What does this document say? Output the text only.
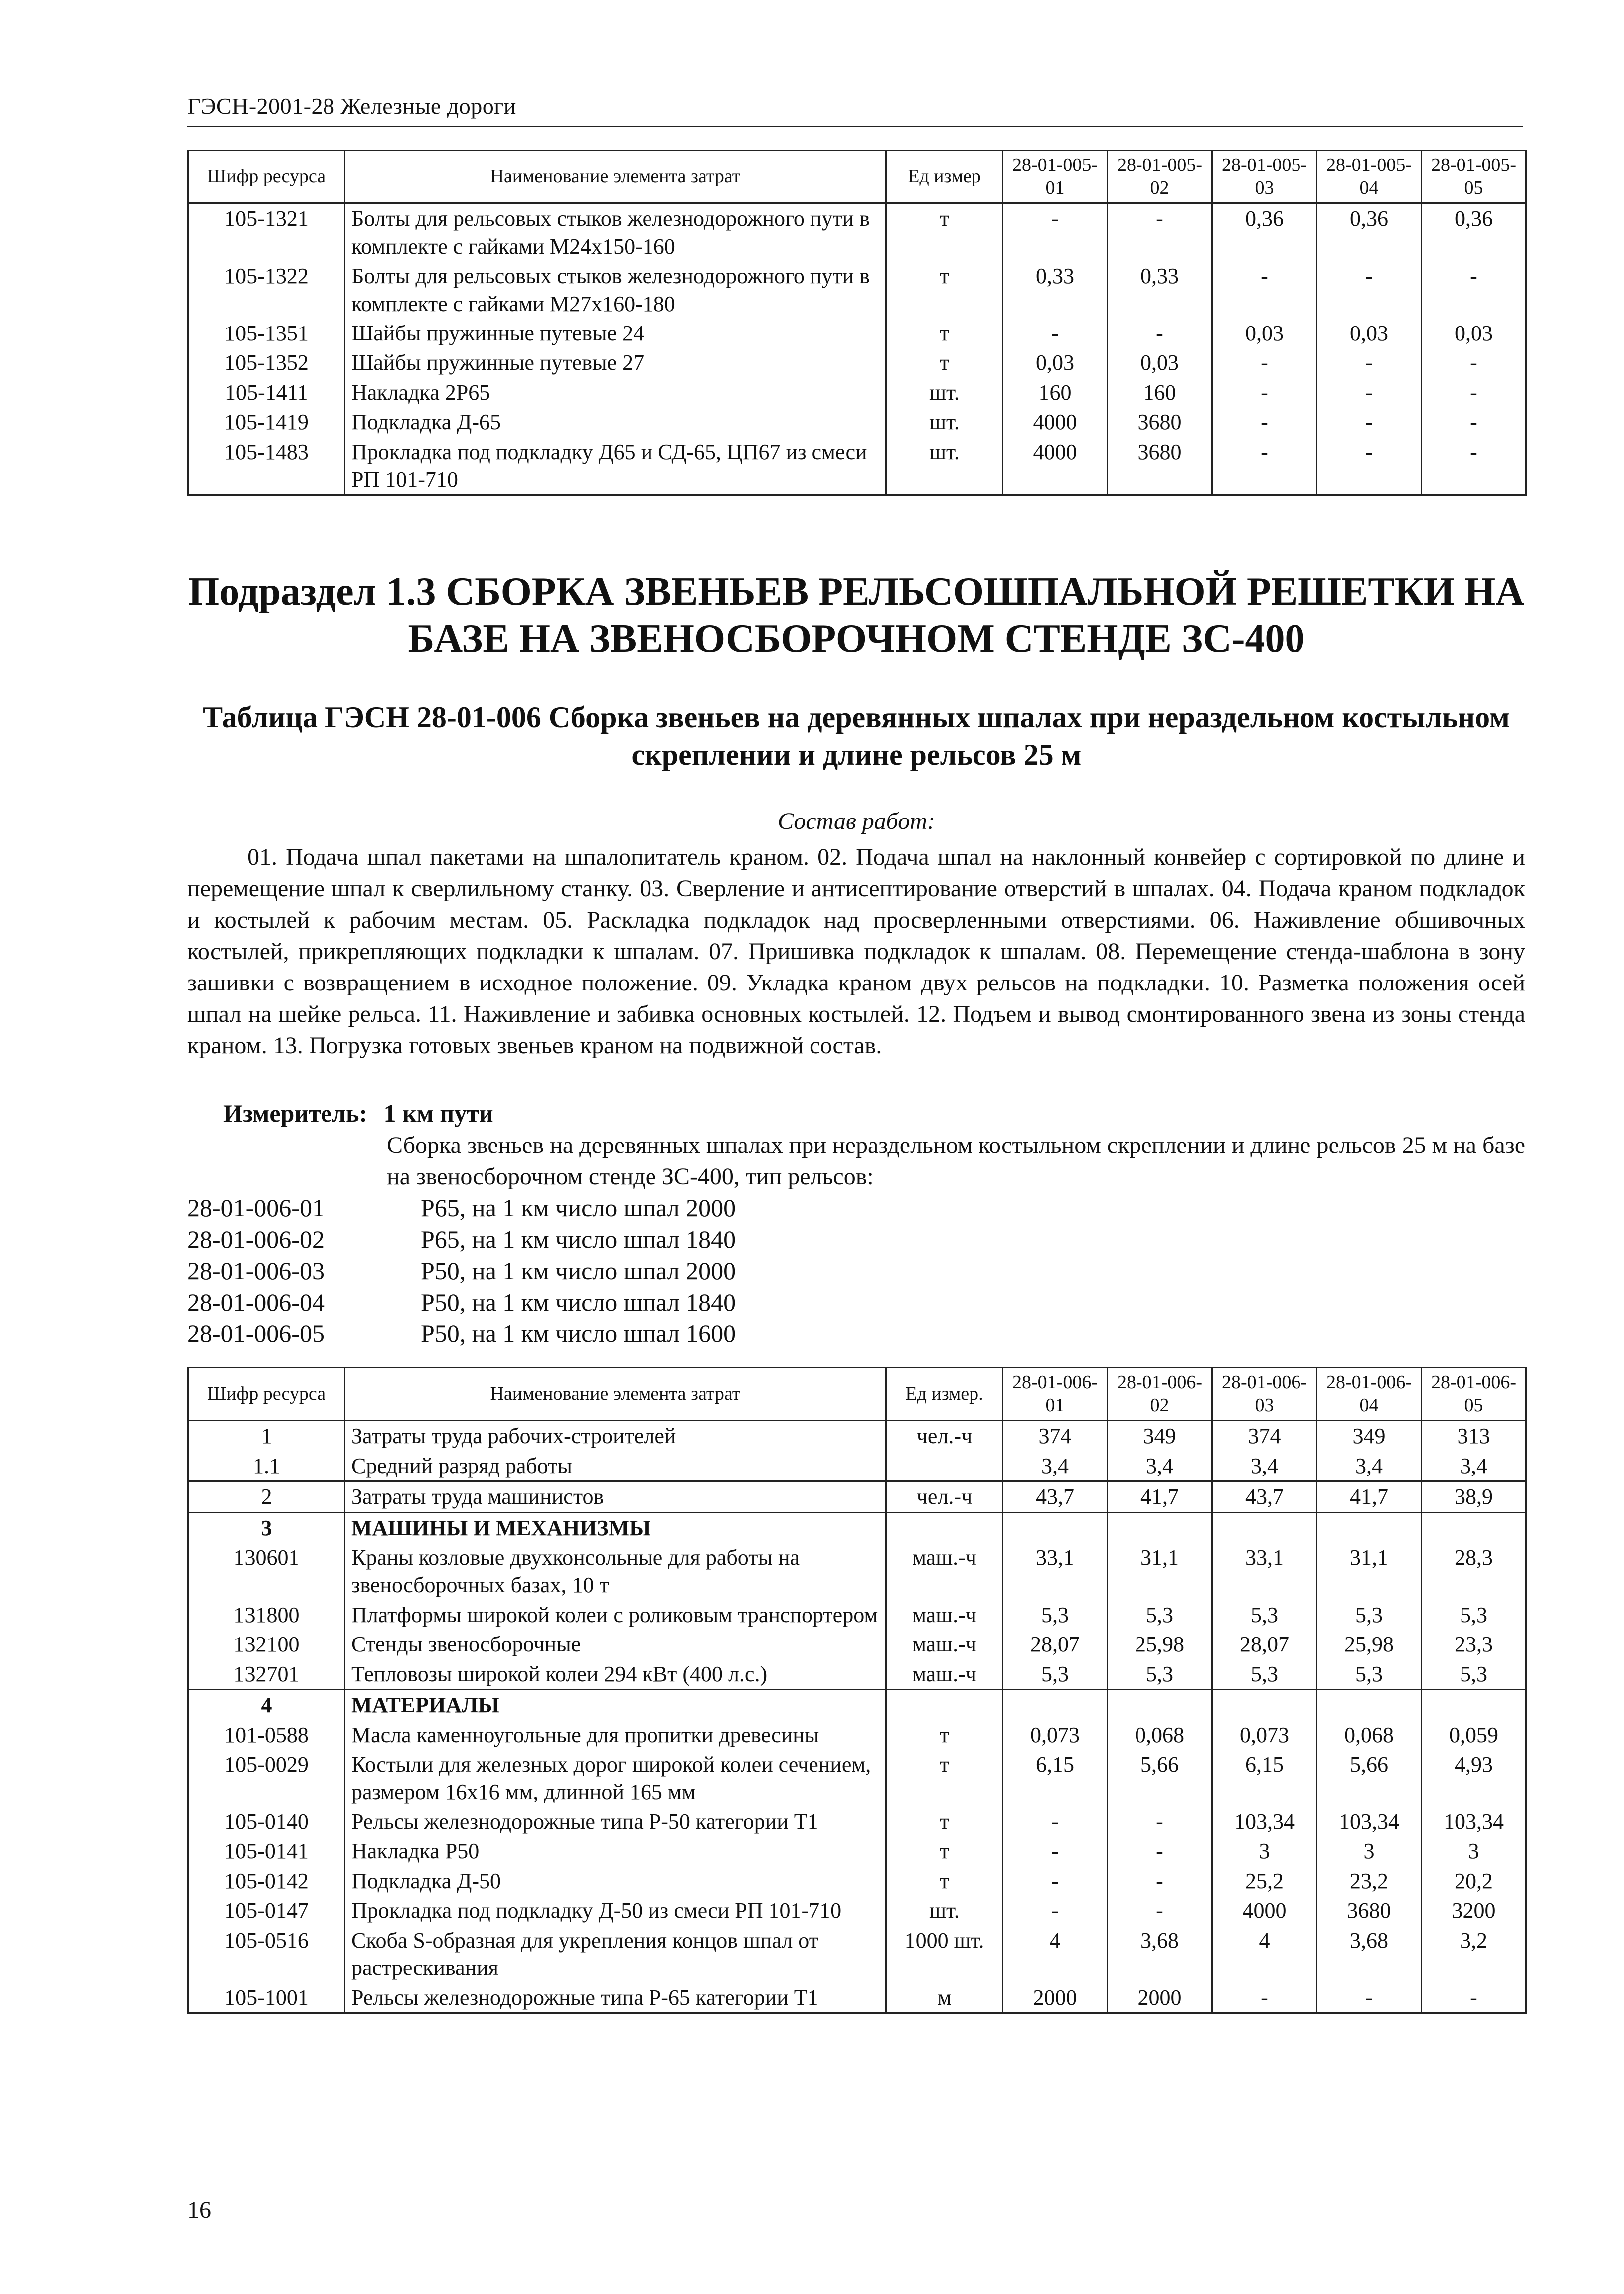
ГЭСН-2001-28 Железные дороги
Шифр ресурса	Наименование элемента затрат	Ед измер	28-01-005-01	28-01-005-02	28-01-005-03	28-01-005-04	28-01-005-05
105-1321	Болты для рельсовых стыков железнодорожного пути в комплекте с гайками М24х150-160	т	-	-	0,36	0,36	0,36
105-1322	Болты для рельсовых стыков железнодорожного пути в комплекте с гайками М27х160-180	т	0,33	0,33	-	-	-
105-1351	Шайбы пружинные путевые 24	т	-	-	0,03	0,03	0,03
105-1352	Шайбы пружинные путевые 27	т	0,03	0,03	-	-	-
105-1411	Накладка 2Р65	шт.	160	160	-	-	-
105-1419	Подкладка Д-65	шт.	4000	3680	-	-	-
105-1483	Прокладка под подкладку Д65 и СД-65, ЦП67 из смеси РП 101-710	шт.	4000	3680	-	-	-
Подраздел 1.3 СБОРКА ЗВЕНЬЕВ РЕЛЬСОШПАЛЬНОЙ РЕШЕТКИ НА БАЗЕ НА ЗВЕНОСБОРОЧНОМ СТЕНДЕ ЗС-400
Таблица ГЭСН 28-01-006 Сборка звеньев на деревянных шпалах при нераздельном костыльном скреплении и длине рельсов 25 м
Состав работ:
01. Подача шпал пакетами на шпалопитатель краном. 02. Подача шпал на наклонный конвейер с сортировкой по длине и перемещение шпал к сверлильному станку. 03. Сверление и антисептирование отверстий в шпалах. 04. Подача краном подкладок и костылей к рабочим местам. 05. Раскладка подкладок над просверленными отверстиями. 06. Наживление обшивочных костылей, прикрепляющих подкладки к шпалам. 07. Пришивка подкладок к шпалам. 08. Перемещение стенда-шаблона в зону зашивки с возвращением в исходное положение. 09. Укладка краном двух рельсов на подкладки. 10. Разметка положения осей шпал на шейке рельса. 11. Наживление и забивка основных костылей. 12. Подъем и вывод смонтированного звена из зоны стенда краном. 13. Погрузка готовых звеньев краном на подвижной состав.
Измеритель: 1 км пути
Сборка звеньев на деревянных шпалах при нераздельном костыльном скреплении и длине рельсов 25 м на базе на звеносборочном стенде ЗС-400, тип рельсов:
28-01-006-01	Р65, на 1 км число шпал 2000
28-01-006-02	Р65, на 1 км число шпал 1840
28-01-006-03	Р50, на 1 км число шпал 2000
28-01-006-04	Р50, на 1 км число шпал 1840
28-01-006-05	Р50, на 1 км число шпал 1600
Шифр ресурса	Наименование элемента затрат	Ед измер.	28-01-006-01	28-01-006-02	28-01-006-03	28-01-006-04	28-01-006-05
1	Затраты труда рабочих-строителей	чел.-ч	374	349	374	349	313
1.1	Средний разряд работы		3,4	3,4	3,4	3,4	3,4
2	Затраты труда машинистов	чел.-ч	43,7	41,7	43,7	41,7	38,9
3	МАШИНЫ И МЕХАНИЗМЫ						
130601	Краны козловые двухконсольные для работы на звеносборочных базах, 10 т	маш.-ч	33,1	31,1	33,1	31,1	28,3
131800	Платформы широкой колеи с роликовым транспортером	маш.-ч	5,3	5,3	5,3	5,3	5,3
132100	Стенды звеносборочные	маш.-ч	28,07	25,98	28,07	25,98	23,3
132701	Тепловозы широкой колеи 294 кВт (400 л.с.)	маш.-ч	5,3	5,3	5,3	5,3	5,3
4	МАТЕРИАЛЫ						
101-0588	Масла каменноугольные для пропитки древесины	т	0,073	0,068	0,073	0,068	0,059
105-0029	Костыли для железных дорог широкой колеи сечением, размером 16х16 мм, длинной 165 мм	т	6,15	5,66	6,15	5,66	4,93
105-0140	Рельсы железнодорожные типа Р-50 категории Т1	т	-	-	103,34	103,34	103,34
105-0141	Накладка Р50	т	-	-	3	3	3
105-0142	Подкладка Д-50	т	-	-	25,2	23,2	20,2
105-0147	Прокладка под подкладку Д-50 из смеси РП 101-710	шт.	-	-	4000	3680	3200
105-0516	Скоба S-образная для укрепления концов шпал от растрескивания	1000 шт.	4	3,68	4	3,68	3,2
105-1001	Рельсы железнодорожные типа Р-65 категории Т1	м	2000	2000	-	-	-
16
